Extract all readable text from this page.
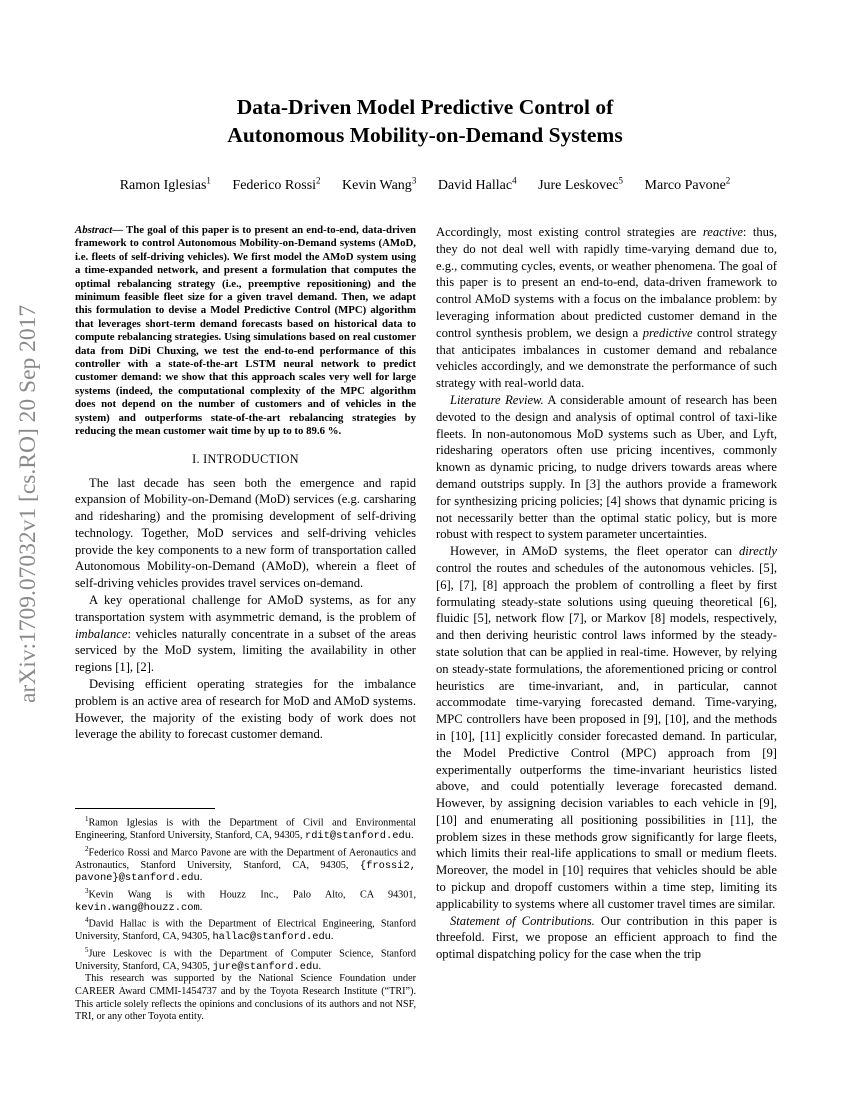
arXiv:1709.07032v1 [cs.RO] 20 Sep 2017
Data-Driven Model Predictive Control of
Autonomous Mobility-on-Demand Systems
Ramon Iglesias$^1$ Federico Rossi$^2$ Kevin Wang$^3$ David Hallac$^4$ Jure Leskovec$^5$ Marco Pavone$^2$

Abstract— The goal of this paper is to present an end-to-end, data-driven framework to control Autonomous Mobility-on-Demand systems (AMoD, i.e. fleets of self-driving vehicles). We first model the AMoD system using a time-expanded network, and present a formulation that computes the optimal rebalancing strategy (i.e., preemptive repositioning) and the minimum feasible fleet size for a given travel demand. Then, we adapt this formulation to devise a Model Predictive Control (MPC) algorithm that leverages short-term demand forecasts based on historical data to compute rebalancing strategies. Using simulations based on real customer data from DiDi Chuxing, we test the end-to-end performance of this controller with a state-of-the-art LSTM neural network to predict customer demand: we show that this approach scales very well for large systems (indeed, the computational complexity of the MPC algorithm does not depend on the number of customers and of vehicles in the system) and outperforms state-of-the-art rebalancing strategies by reducing the mean customer wait time by up to to 89.6 %.

I. INTRODUCTION

The last decade has seen both the emergence and rapid expansion of Mobility-on-Demand (MoD) services (e.g. carsharing and ridesharing) and the promising development of self-driving technology. Together, MoD services and self-driving vehicles provide the key components to a new form of transportation called Autonomous Mobility-on-Demand (AMoD), wherein a fleet of self-driving vehicles provides travel services on-demand.

A key operational challenge for AMoD systems, as for any transportation system with asymmetric demand, is the problem of imbalance: vehicles naturally concentrate in a subset of the areas serviced by the MoD system, limiting the availability in other regions [1], [2].

Devising efficient operating strategies for the imbalance problem is an active area of research for MoD and AMoD systems. However, the majority of the existing body of work does not leverage the ability to forecast customer demand.

$^1$Ramon Iglesias is with the Department of Civil and Environmental Engineering, Stanford University, Stanford, CA, 94305, rdit@stanford.edu.

$^2$Federico Rossi and Marco Pavone are with the Department of Aeronautics and Astronautics, Stanford University, Stanford, CA, 94305, {frossi2, pavone}@stanford.edu.

$^3$Kevin Wang is with Houzz Inc., Palo Alto, CA 94301, kevin.wang@houzz.com.

$^4$David Hallac is with the Department of Electrical Engineering, Stanford University, Stanford, CA, 94305, hallac@stanford.edu.

$^5$Jure Leskovec is with the Department of Computer Science, Stanford University, Stanford, CA, 94305, jure@stanford.edu.

This research was supported by the National Science Foundation under CAREER Award CMMI-1454737 and by the Toyota Research Institute (“TRI”). This article solely reflects the opinions and conclusions of its authors and not NSF, TRI, or any other Toyota entity.

Accordingly, most existing control strategies are reactive: thus, they do not deal well with rapidly time-varying demand due to, e.g., commuting cycles, events, or weather phenomena. The goal of this paper is to present an end-to-end, data-driven framework to control AMoD systems with a focus on the imbalance problem: by leveraging information about predicted customer demand in the control synthesis problem, we design a predictive control strategy that anticipates imbalances in customer demand and rebalance vehicles accordingly, and we demonstrate the performance of such strategy with real-world data.

Literature Review. A considerable amount of research has been devoted to the design and analysis of optimal control of taxi-like fleets. In non-autonomous MoD systems such as Uber, and Lyft, ridesharing operators often use pricing incentives, commonly known as dynamic pricing, to nudge drivers towards areas where demand outstrips supply. In [3] the authors provide a framework for synthesizing pricing policies; [4] shows that dynamic pricing is not necessarily better than the optimal static policy, but is more robust with respect to system parameter uncertainties.

However, in AMoD systems, the fleet operator can directly control the routes and schedules of the autonomous vehicles. [5], [6], [7], [8] approach the problem of controlling a fleet by first formulating steady-state solutions using queuing theoretical [6], fluidic [5], network flow [7], or Markov [8] models, respectively, and then deriving heuristic control laws informed by the steady-state solution that can be applied in real-time. However, by relying on steady-state formulations, the aforementioned pricing or control heuristics are time-invariant, and, in particular, cannot accommodate time-varying forecasted demand. Time-varying, MPC controllers have been proposed in [9], [10], and the methods in [10], [11] explicitly consider forecasted demand. In particular, the Model Predictive Control (MPC) approach from [9] experimentally outperforms the time-invariant heuristics listed above, and could potentially leverage forecasted demand. However, by assigning decision variables to each vehicle in [9], [10] and enumerating all positioning possibilities in [11], the problem sizes in these methods grow significantly for large fleets, which limits their real-life applications to small or medium fleets. Moreover, the model in [10] requires that vehicles should be able to pickup and dropoff customers within a time step, limiting its applicability to systems where all customer travel times are similar.

Statement of Contributions. Our contribution in this paper is threefold. First, we propose an efficient approach to find the optimal dispatching policy for the case when the trip
